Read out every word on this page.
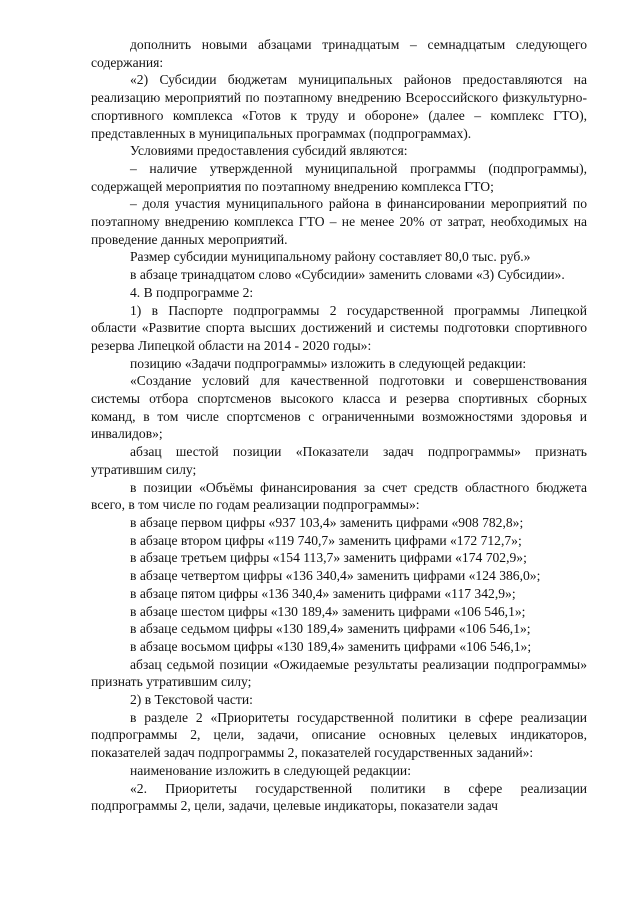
дополнить новыми абзацами тринадцатым – семнадцатым следующего содержания:

«2) Субсидии бюджетам муниципальных районов предоставляются на реализацию мероприятий по поэтапному внедрению Всероссийского физкультурно-спортивного комплекса «Готов к труду и обороне» (далее – комплекс ГТО), представленных в муниципальных программах (подпрограммах).

Условиями предоставления субсидий являются:

– наличие утвержденной муниципальной программы (подпрограммы), содержащей мероприятия по поэтапному внедрению комплекса ГТО;

– доля участия муниципального района в финансировании мероприятий по поэтапному внедрению комплекса ГТО – не менее 20% от затрат, необходимых на проведение данных мероприятий.

Размер субсидии муниципальному району составляет 80,0 тыс. руб.»

в абзаце тринадцатом слово «Субсидии» заменить словами «3) Субсидии».

4. В подпрограмме 2:

1) в Паспорте подпрограммы 2 государственной программы Липецкой области «Развитие спорта высших достижений и системы подготовки спортивного резерва Липецкой области на 2014 - 2020 годы»:

позицию «Задачи подпрограммы» изложить в следующей редакции:

«Создание условий для качественной подготовки и совершенствования системы отбора спортсменов высокого класса и резерва спортивных сборных команд, в том числе спортсменов с ограниченными возможностями здоровья и инвалидов»;

абзац шестой позиции «Показатели задач подпрограммы» признать утратившим силу;

в позиции «Объёмы финансирования за счет средств областного бюджета всего, в том числе по годам реализации подпрограммы»:

в абзаце первом цифры «937 103,4» заменить цифрами «908 782,8»;

в абзаце втором цифры «119 740,7» заменить цифрами «172 712,7»;

в абзаце третьем цифры «154 113,7» заменить цифрами «174 702,9»;

в абзаце четвертом цифры «136 340,4» заменить цифрами «124 386,0»;

в абзаце пятом цифры «136 340,4» заменить цифрами «117 342,9»;

в абзаце шестом цифры «130 189,4» заменить цифрами «106 546,1»;

в абзаце седьмом цифры «130 189,4» заменить цифрами «106 546,1»;

в абзаце восьмом цифры «130 189,4» заменить цифрами «106 546,1»;

абзац седьмой позиции «Ожидаемые результаты реализации подпрограммы» признать утратившим силу;

2) в Текстовой части:

в разделе 2 «Приоритеты государственной политики в сфере реализации подпрограммы 2, цели, задачи, описание основных целевых индикаторов, показателей задач подпрограммы 2, показателей государственных заданий»:

наименование изложить в следующей редакции:

«2. Приоритеты государственной политики в сфере реализации подпрограммы 2, цели, задачи, целевые индикаторы, показатели задач
